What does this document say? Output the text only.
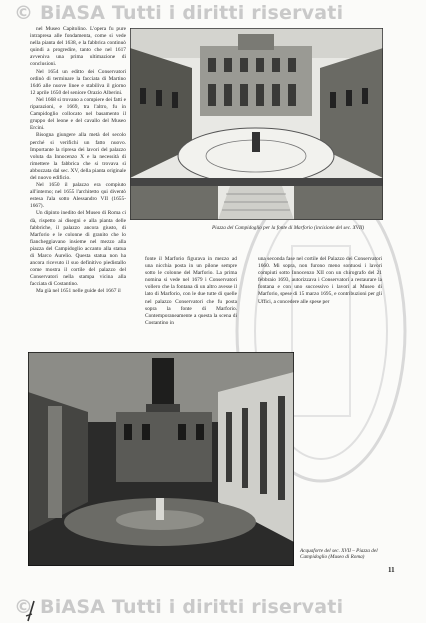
© BiASA Tutti i diritti riservati

nel Museo Capitolino. L'opera fu pure intrapresa alle fondamenta, come si vede nella pianta del 1638, e la fabbrica continuò quindi a progredire, tanto che nel 1617 avveniva una prima ultimazione di conclusioni.

Nel 1654 un editto dei Conservatori ordinò di terminare la facciata di Martino 1646 alle nuove linee e stabiliva il giorno 12 aprile 1650 del seniore Orazio Alberini.

Nel 1668 si trovano a compiere dei fatti e riparazioni, e 1669, tra l'altro, fu in Campidoglio collocato nel basamento il gruppo del leone e del cavallo del Museo Ercini.

Bisogna giungere alla metà del secolo perché si verifichi un fatto nuovo. Importante la ripresa dei lavori del palazzo voluta da Innocenzo X e la necessità di rimettere la fabbrica che si trovava sì abbozzata dal sec. XV, della pianta originale del nuovo edificio.

Nel 1650 il palazzo era compiuto all'interno; nel 1655 l'architetto qui diventò estesa l'ala sotto Alessandro VII (1655-1667).

Un dipinto inedito del Museo di Roma ci dà, rispetto ai disegni e alla pianta delle fabbriche, il palazzo ancora giusto, di Marforio e le colonne di granito che lo fiancheggiavano insieme nel mezzo alla piazza del Campidoglio accanto alla statua di Marco Aurelio. Questa statua non ha ancora ricevuto il suo definitivo piedistallo come mostra il cortile del palazzo del Conservatori nella stampa vicina alla facciata di Costantino.

Ma già nel 1651 nelle guide del 1667 il

Piazza del Campidoglio per la fonte di Marforio (incisione del sec. XVII)
fonte il Marforio figurava in mezzo ad una nicchia posta in un pilone sempre sotto le colonne del Marforio. La prima nomina si vede nel 1679 i Conservatori vollero che la fontana di un altro avesse il lato di Marforio, con le due tutte di quelle nel palazzo Conservatori che fu posta sopra la fonte di Marforio. Contemporaneamente a questa la scena di Costantino in
una seconda fase nel cortile del Palazzo dei Conservatori 1660. Mi sopra, non furono meno sontuosi i lavori compiuti sotto Innocenzo XII con un chirografo del 21 febbraio 1693, autorizzava i Conservatori a restaurare la fontana e con uno successivo i lavori al Museo di Marforio, spese di 15 marzo 1695, e contribuzioni per gli Uffici, a concedere alle spese per
Acquaforte del sec. XVII – Piazza del Campidoglio (Museo di Roma)
11
© BiASA Tutti i diritti riservati
